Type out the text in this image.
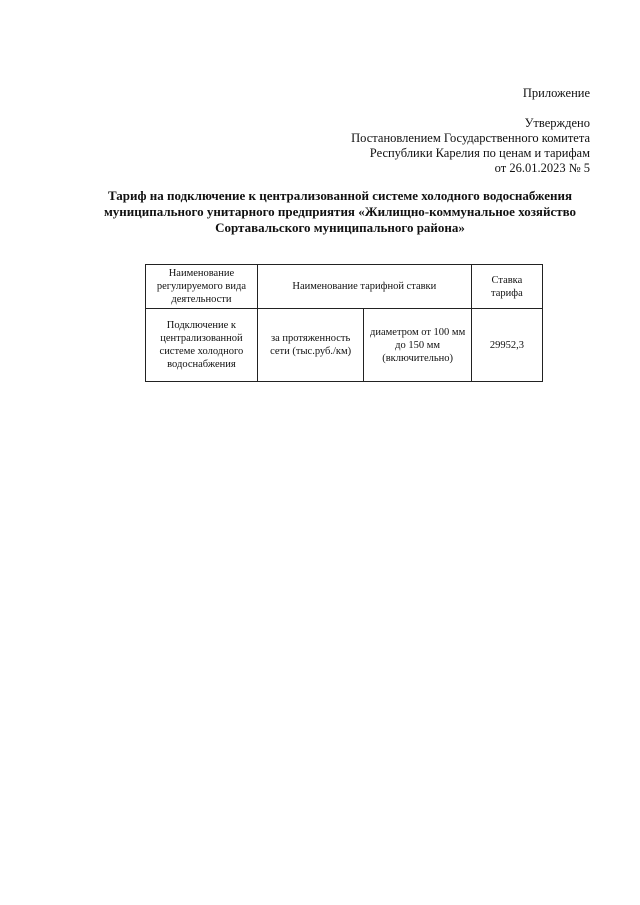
Приложение
Утверждено
Постановлением Государственного комитета
Республики Карелия по ценам и тарифам
от 26.01.2023 № 5
Тариф на подключение к централизованной системе холодного водоснабжения
муниципального унитарного предприятия «Жилищно-коммунальное хозяйство
Сортавальского муниципального района»
Наименование регулируемого вида деятельности	Наименование тарифной ставки		Ставка тарифа
Подключение к централизованной системе холодного водоснабжения	за протяженность сети (тыс.руб./км)	диаметром от 100 мм до 150 мм (включительно)	29952,3
